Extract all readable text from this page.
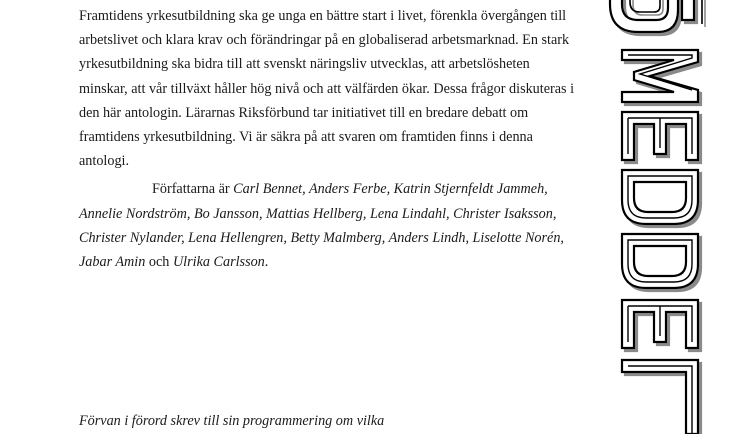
Framtidens yrkesutbildning ska ge unga en bättre start i livet, förenkla övergången till arbetslivet och klara krav och förändringar på en globaliserad arbetsmarknad. En stark yrkesutbildning ska bidra till att svenskt näringsliv utvecklas, att arbetslösheten minskar, att vår tillväxt håller hög nivå och att välfärden ökar. Dessa frågor diskuteras i den här antologin. Lärarnas Riksförbund tar initiativet till en bredare debatt om framtidens yrkesutbildning. Vi är säkra på att svaren om framtiden finns i denna antologi.

Författarna är Carl Bennet, Anders Ferbe, Katrin Stjernfeldt Jammeh, Annelie Nordström, Bo Jansson, Mattias Hellberg, Lena Lindahl, Christer Isaksson, Christer Nylander, Lena Hellengren, Betty Malmberg, Anders Lindh, Liselotte Norén, Jabar Amin och Ulrika Carlsson.

Förvan i förord skrev till sin programmering om vilka
